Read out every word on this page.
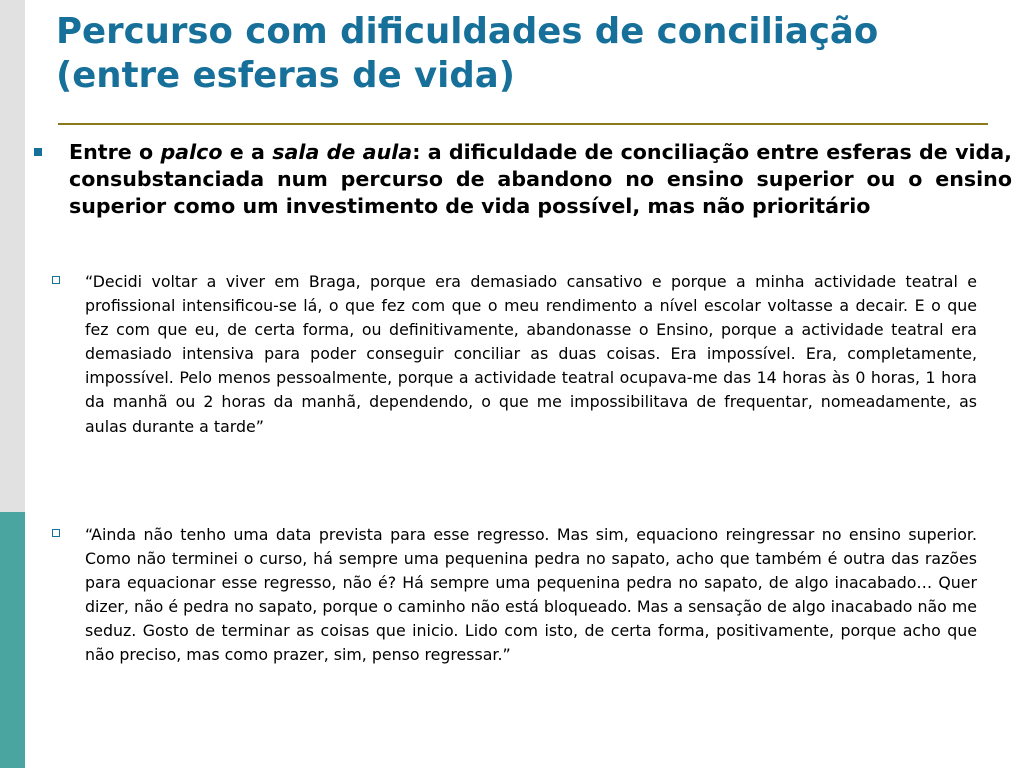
Percurso com dificuldades de conciliação
(entre esferas de vida)
Entre o palco e a sala de aula: a dificuldade de conciliação entre esferas de vida, consubstanciada num percurso de abandono no ensino superior ou o ensino superior como um investimento de vida possível, mas não prioritário
“Decidi voltar a viver em Braga, porque era demasiado cansativo e porque a minha actividade teatral e profissional intensificou-se lá, o que fez com que o meu rendimento a nível escolar voltasse a decair. E o que fez com que eu, de certa forma, ou definitivamente, abandonasse o Ensino, porque a actividade teatral era demasiado intensiva para poder conseguir conciliar as duas coisas. Era impossível. Era, completamente, impossível. Pelo menos pessoalmente, porque a actividade teatral ocupava-me das 14 horas às 0 horas, 1 hora da manhã ou 2 horas da manhã, dependendo, o que me impossibilitava de frequentar, nomeadamente, as aulas durante a tarde”
“Ainda não tenho uma data prevista para esse regresso. Mas sim, equaciono reingressar no ensino superior. Como não terminei o curso, há sempre uma pequenina pedra no sapato, acho que também é outra das razões para equacionar esse regresso, não é? Há sempre uma pequenina pedra no sapato, de algo inacabado… Quer dizer, não é pedra no sapato, porque o caminho não está bloqueado. Mas a sensação de algo inacabado não me seduz. Gosto de terminar as coisas que inicio. Lido com isto, de certa forma, positivamente, porque acho que não preciso, mas como prazer, sim, penso regressar.”
